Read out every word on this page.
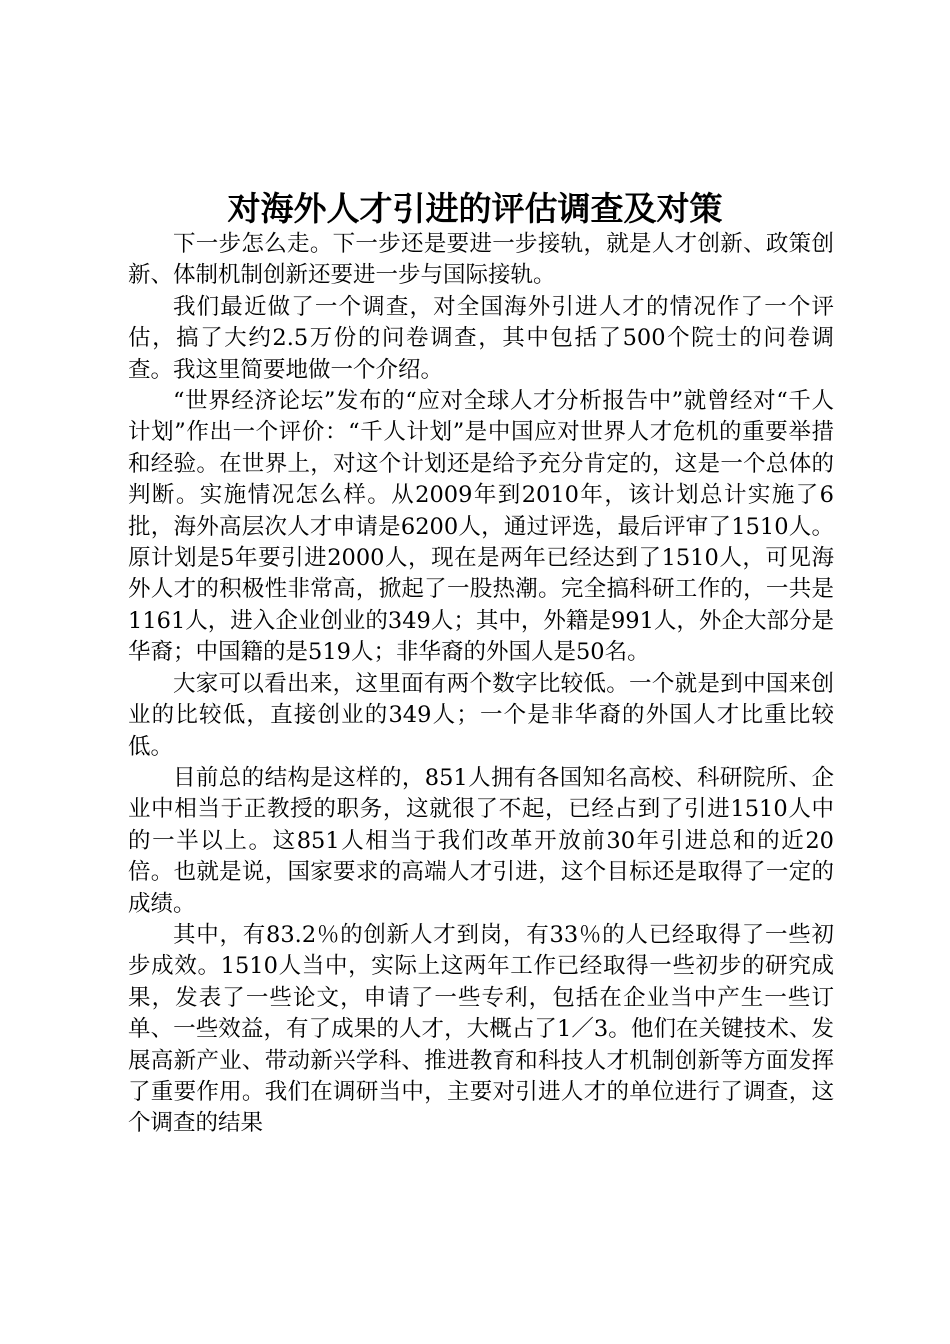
对海外人才引进的评估调查及对策

下一步怎么走。下一步还是要进一步接轨，就是人才创新、政策创新、体制机制创新还要进一步与国际接轨。

我们最近做了一个调查，对全国海外引进人才的情况作了一个评估，搞了大约2.5万份的问卷调查，其中包括了500个院士的问卷调查。我这里简要地做一个介绍。

“世界经济论坛”发布的“应对全球人才分析报告中”就曾经对“千人计划”作出一个评价：“千人计划”是中国应对世界人才危机的重要举措和经验。在世界上，对这个计划还是给予充分肯定的，这是一个总体的判断。实施情况怎么样。从2009年到2010年，该计划总计实施了6批，海外高层次人才申请是6200人，通过评选，最后评审了1510人。原计划是5年要引进2000人，现在是两年已经达到了1510人，可见海外人才的积极性非常高，掀起了一股热潮。完全搞科研工作的，一共是1161人，进入企业创业的349人；其中，外籍是991人，外企大部分是华裔；中国籍的是519人；非华裔的外国人是50名。

大家可以看出来，这里面有两个数字比较低。一个就是到中国来创业的比较低，直接创业的349人；一个是非华裔的外国人才比重比较低。

目前总的结构是这样的，851人拥有各国知名高校、科研院所、企业中相当于正教授的职务，这就很了不起，已经占到了引进1510人中的一半以上。这851人相当于我们改革开放前30年引进总和的近20倍。也就是说，国家要求的高端人才引进，这个目标还是取得了一定的成绩。

其中，有83.2％的创新人才到岗，有33％的人已经取得了一些初步成效。1510人当中，实际上这两年工作已经取得一些初步的研究成果，发表了一些论文，申请了一些专利，包括在企业当中产生一些订单、一些效益，有了成果的人才，大概占了1／3。他们在关键技术、发展高新产业、带动新兴学科、推进教育和科技人才机制创新等方面发挥了重要作用。我们在调研当中，主要对引进人才的单位进行了调查，这个调查的结果
